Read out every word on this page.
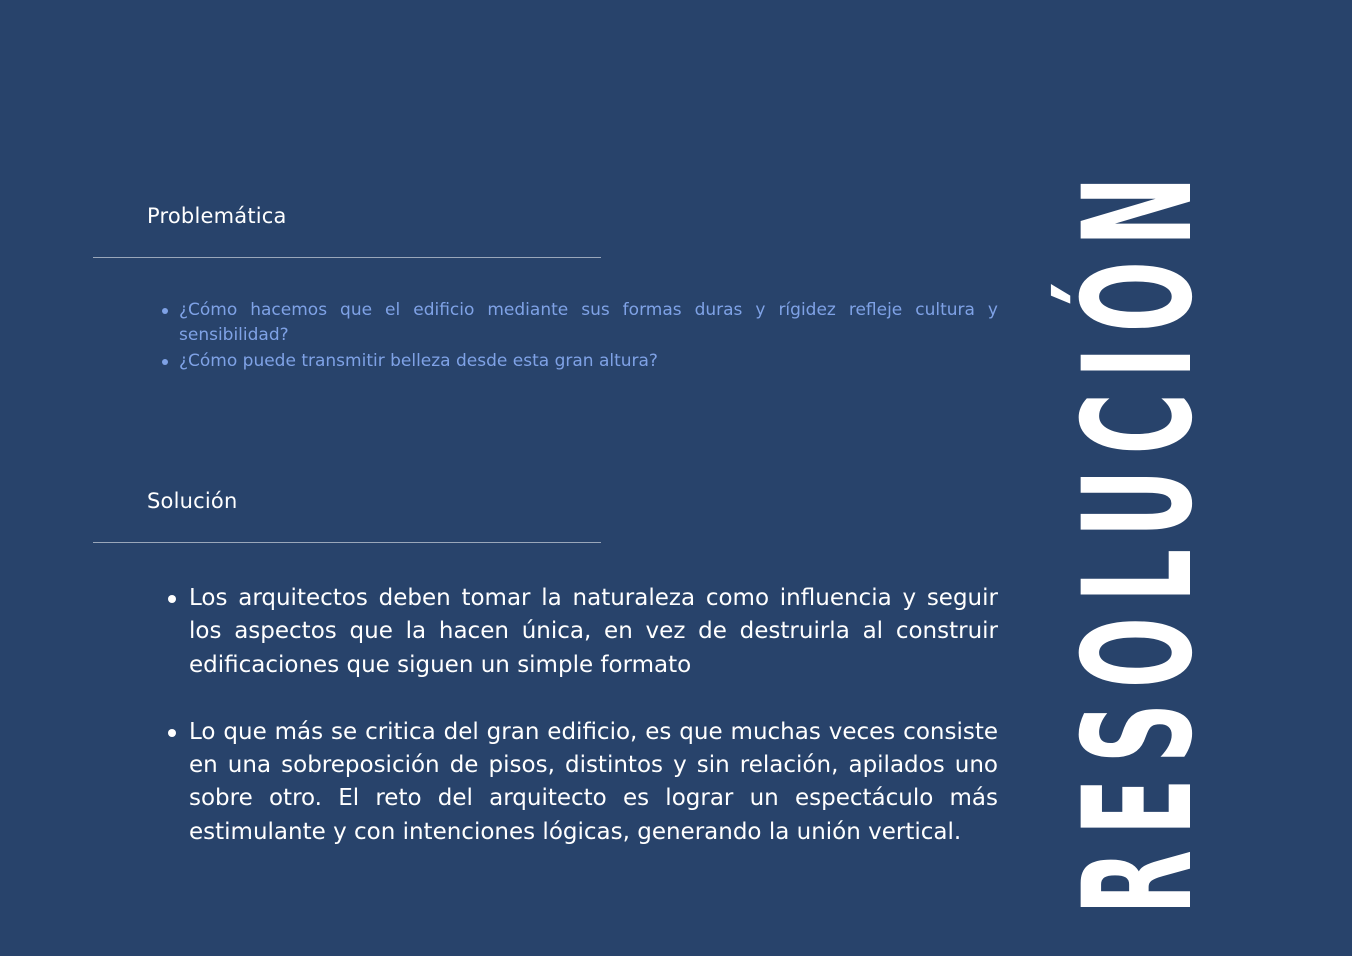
Problemática
¿Cómo hacemos que el edificio mediante sus formas duras y rígidez refleje cultura y sensibilidad?
¿Cómo puede transmitir belleza desde esta gran altura?
Solución
Los arquitectos deben tomar la naturaleza como influencia y seguir los aspectos que la hacen única, en vez de destruirla al construir edificaciones que siguen un simple formato
Lo que más se critica del gran edificio, es que muchas veces consiste en una sobreposición de pisos, distintos y sin relación, apilados uno sobre otro. El reto del arquitecto es lograr un espectáculo más estimulante y con intenciones lógicas, generando la unión vertical. RESOLUCIÓN
